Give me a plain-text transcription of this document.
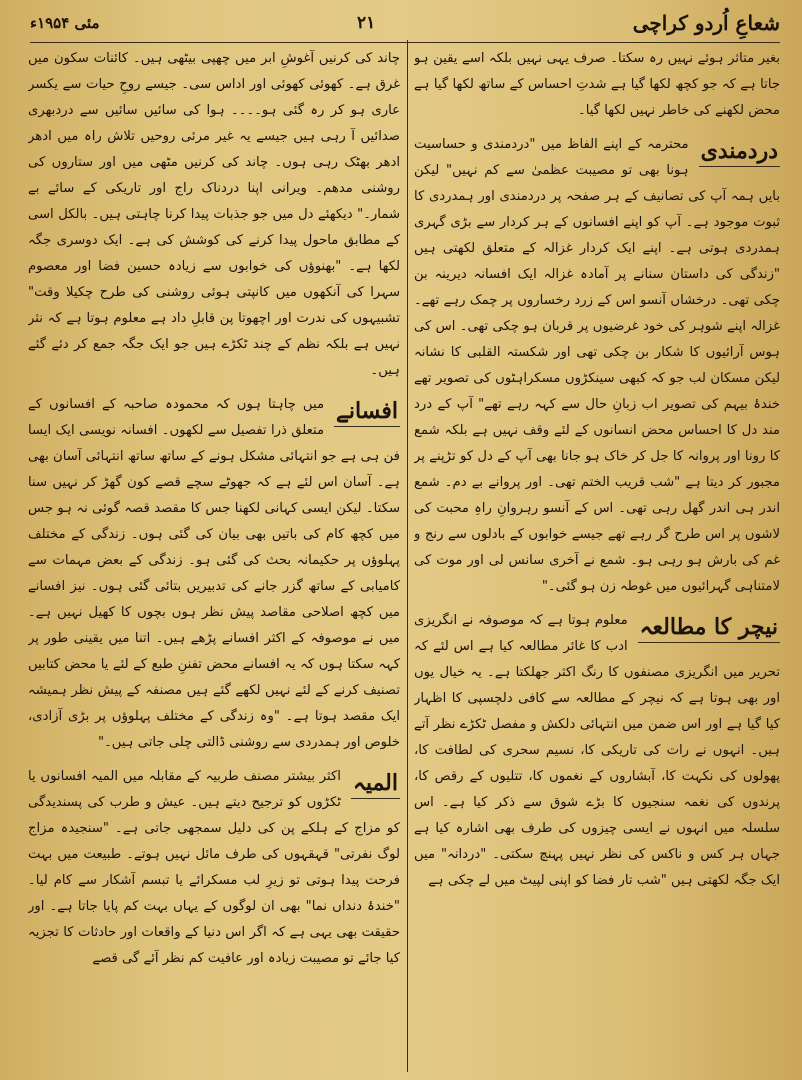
شعاعِ اُردو کراچی
۲۱
مئی ۱۹۵۴ء

بغیر متاثر ہوئے نہیں رہ سکتا۔ صرف یہی نہیں بلکہ اسے یقین ہو جاتا ہے کہ جو کچھ لکھا گیا ہے شدتِ احساس کے ساتھ لکھا گیا ہے محض لکھنے کی خاطر نہیں لکھا گیا۔

دردمندی

محترمہ کے اپنے الفاظ میں "دردمندی و حساسیت ہونا بھی تو مصیبت عظمیٰ سے کم نہیں" لیکن بایں ہمہ آپ کی تصانیف کے ہر صفحہ پر دردمندی اور ہمدردی کا ثبوت موجود ہے۔ آپ کو اپنے افسانوں کے ہر کردار سے بڑی گہری ہمدردی ہوتی ہے۔ اپنے ایک کردار غزالہ کے متعلق لکھتی ہیں "زندگی کی داستان سنانے پر آمادہ غزالہ ایک افسانہ دیرینہ بن چکی تھی۔ درخشاں آنسو اس کے زرد رخساروں پر چمک رہے تھے۔ غزالہ اپنے شوہر کی خود غرضیوں پر قربان ہو چکی تھی۔ اس کی ہوس آرائیوں کا شکار بن چکی تھی اور شکستہ القلبی کا نشانہ لیکن مسکان لب جو کہ کبھی سینکڑوں مسکراہٹوں کی تصویر تھے خندۂ بیہم کی تصویر اب زبانِ حال سے کہہ رہے تھے" آپ کے درد مند دل کا احساس محض انسانوں کے لئے وقف نہیں ہے بلکہ شمع کا رونا اور پروانہ کا جل کر خاک ہو جانا بھی آپ کے دل کو تڑپنے پر مجبور کر دیتا ہے "شب قریب الختم تھی۔ اور پروانے بے دم۔ شمع اندر ہی اندر گھل رہی تھی۔ اس کے آنسو رہروانِ راہِ محبت کی لاشوں پر اس طرح گر رہے تھے جیسے خوابوں کے بادلوں سے رنج و غم کی بارش ہو رہی ہو۔ شمع نے آخری سانس لی اور موت کی لامتناہی گہرائیوں میں غوطہ زن ہو گئی۔"

نیچر کا مطالعہ

معلوم ہوتا ہے کہ موصوفہ نے انگریزی ادب کا غائر مطالعہ کیا ہے اس لئے کہ تحریر میں انگریزی مصنفوں کا رنگ اکثر جھلکتا ہے۔ یہ خیال یوں اور بھی ہوتا ہے کہ نیچر کے مطالعہ سے کافی دلچسپی کا اظہار کیا گیا ہے اور اس ضمن میں انتہائی دلکش و مفصل ٹکڑے نظر آتے ہیں۔ انہوں نے رات کی تاریکی کا، نسیم سحری کی لطافت کا، پھولوں کی نکہت کا، آبشاروں کے نغموں کا، تتلیوں کے رقص کا، پرندوں کی نغمہ سنجیوں کا بڑے شوق سے ذکر کیا ہے۔ اس سلسلہ میں انہوں نے ایسی چیزوں کی طرف بھی اشارہ کیا ہے جہاں ہر کس و ناکس کی نظر نہیں پہنچ سکتی۔ "دردانہ" میں ایک جگہ لکھتی ہیں "شب تار فضا کو اپنی لپیٹ میں لے چکی ہے

چاند کی کرنیں آغوشِ ابر میں چھپی بیٹھی ہیں۔ کائنات سکون میں غرق ہے۔ کھوئی کھوئی اور اداس سی۔ جیسے روحِ حیات سے یکسر عاری ہو کر رہ گئی ہو۔۔۔۔ ہوا کی سائیں سائیں سے دردبھری صدائیں آ رہی ہیں جیسے یہ غیر مرئی روحیں تلاش راہ میں ادھر ادھر بھٹک رہی ہوں۔ چاند کی کرنیں مٹھی میں اور ستاروں کی روشنی مدھم۔ ویرانی اپنا دردناک راج اور تاریکی کے سائے بے شمار۔" دیکھئے دل میں جو جذبات پیدا کرنا چاہتی ہیں۔ بالکل اسی کے مطابق ماحول پیدا کرنے کی کوشش کی ہے۔ ایک دوسری جگہ لکھا ہے۔ "بھنوؤں کی خوابوں سے زیادہ حسین فضا اور معصوم سہرا کی آنکھوں میں کانپتی ہوئی روشنی کی طرح چکیلا وقت" تشبیہوں کی ندرت اور اچھوتا پن قابلِ داد ہے معلوم ہوتا ہے کہ نثر نہیں ہے بلکہ نظم کے چند ٹکڑے ہیں جو ایک جگہ جمع کر دئے گئے ہیں۔

افسانے

میں چاہتا ہوں کہ محمودہ صاحبہ کے افسانوں کے متعلق ذرا تفصیل سے لکھوں۔ افسانہ نویسی ایک ایسا فن ہی ہے جو انتہائی مشکل ہونے کے ساتھ ساتھ انتہائی آسان بھی ہے۔ آسان اس لئے ہے کہ جھوٹے سچے قصے کون گھڑ کر نہیں سنا سکتا۔ لیکن ایسی کہانی لکھنا جس کا مقصد قصہ گوئی نہ ہو جس میں کچھ کام کی باتیں بھی بیان کی گئی ہوں۔ زندگی کے مختلف پہلوؤں پر حکیمانہ بحث کی گئی ہو۔ زندگی کے بعض مہمات سے کامیابی کے ساتھ گزر جانے کی تدبیریں بتائی گئی ہوں۔ نیز افسانے میں کچھ اصلاحی مقاصد پیش نظر ہوں بچوں کا کھیل نہیں ہے۔ میں نے موصوفہ کے اکثر افسانے پڑھے ہیں۔ اتنا میں یقینی طور پر کہہ سکتا ہوں کہ یہ افسانے محض تفننِ طبع کے لئے یا محض کتابیں تصنیف کرنے کے لئے نہیں لکھے گئے ہیں مصنفہ کے پیش نظر ہمیشہ ایک مقصد ہوتا ہے۔ "وہ زندگی کے مختلف پہلوؤں پر بڑی آزادی، خلوص اور ہمدردی سے روشنی ڈالتی چلی جاتی ہیں۔"

المیہ

اکثر بیشتر مصنف طربیہ کے مقابلہ میں المیہ افسانوں یا ٹکڑوں کو ترجیح دیتے ہیں۔ عیش و طرب کی پسندیدگی کو مزاج کے ہلکے پن کی دلیل سمجھی جاتی ہے۔ "سنجیدہ مزاج لوگ نفرتی" قہقہوں کی طرف مائل نہیں ہوتے۔ طبیعت میں بہت فرحت پیدا ہوتی تو زیرِ لب مسکرائے یا تبسم آشکار سے کام لیا۔ "خندۂ دنداں نما" بھی ان لوگوں کے یہاں بہت کم پایا جاتا ہے۔ اور حقیقت بھی یہی ہے کہ اگر اس دنیا کے واقعات اور حادثات کا تجزیہ کیا جائے تو مصیبت زیادہ اور عافیت کم نظر آئے گی قصے
